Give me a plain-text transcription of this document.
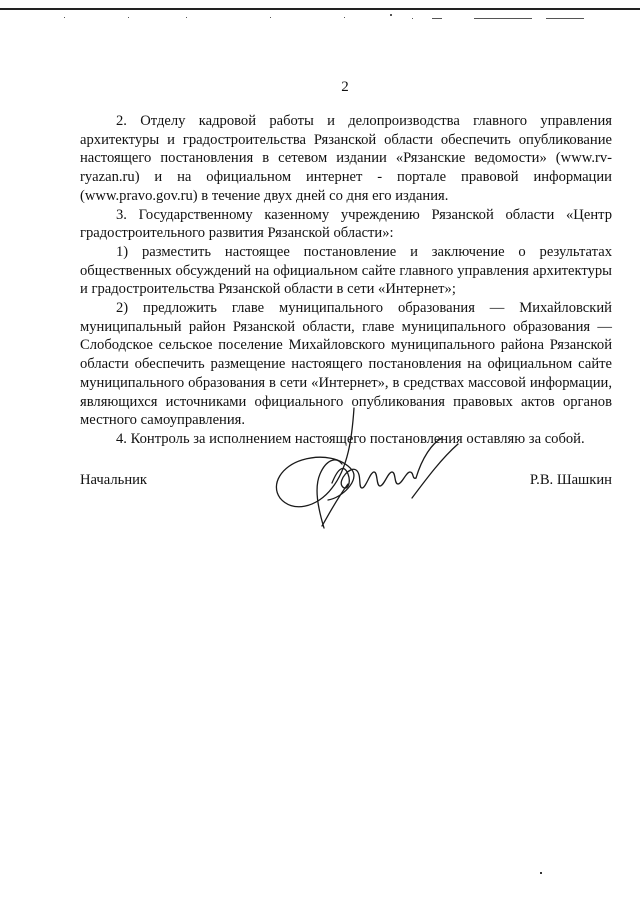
2

2. Отделу кадровой работы и делопроизводства главного управления архитектуры и градостроительства Рязанской области обеспечить опубликование настоящего постановления в сетевом издании «Рязанские ведомости» (www.rv-ryazan.ru) и на официальном интернет - портале правовой информации (www.pravo.gov.ru) в течение двух дней со дня его издания.

3. Государственному казенному учреждению Рязанской области «Центр градостроительного развития Рязанской области»:

1) разместить настоящее постановление и заключение о результатах общественных обсуждений на официальном сайте главного управления архитектуры и градостроительства Рязанской области в сети «Интернет»;

2) предложить главе муниципального образования — Михайловский муниципальный район Рязанской области, главе муниципального образования — Слободское сельское поселение Михайловского муниципального района Рязанской области обеспечить размещение настоящего постановления на официальном сайте муниципального образования в сети «Интернет», в средствах массовой информации, являющихся источниками официального опубликования правовых актов органов местного самоуправления.

4. Контроль за исполнением настоящего постановления оставляю за собой.

Начальник	Р.В. Шашкин
